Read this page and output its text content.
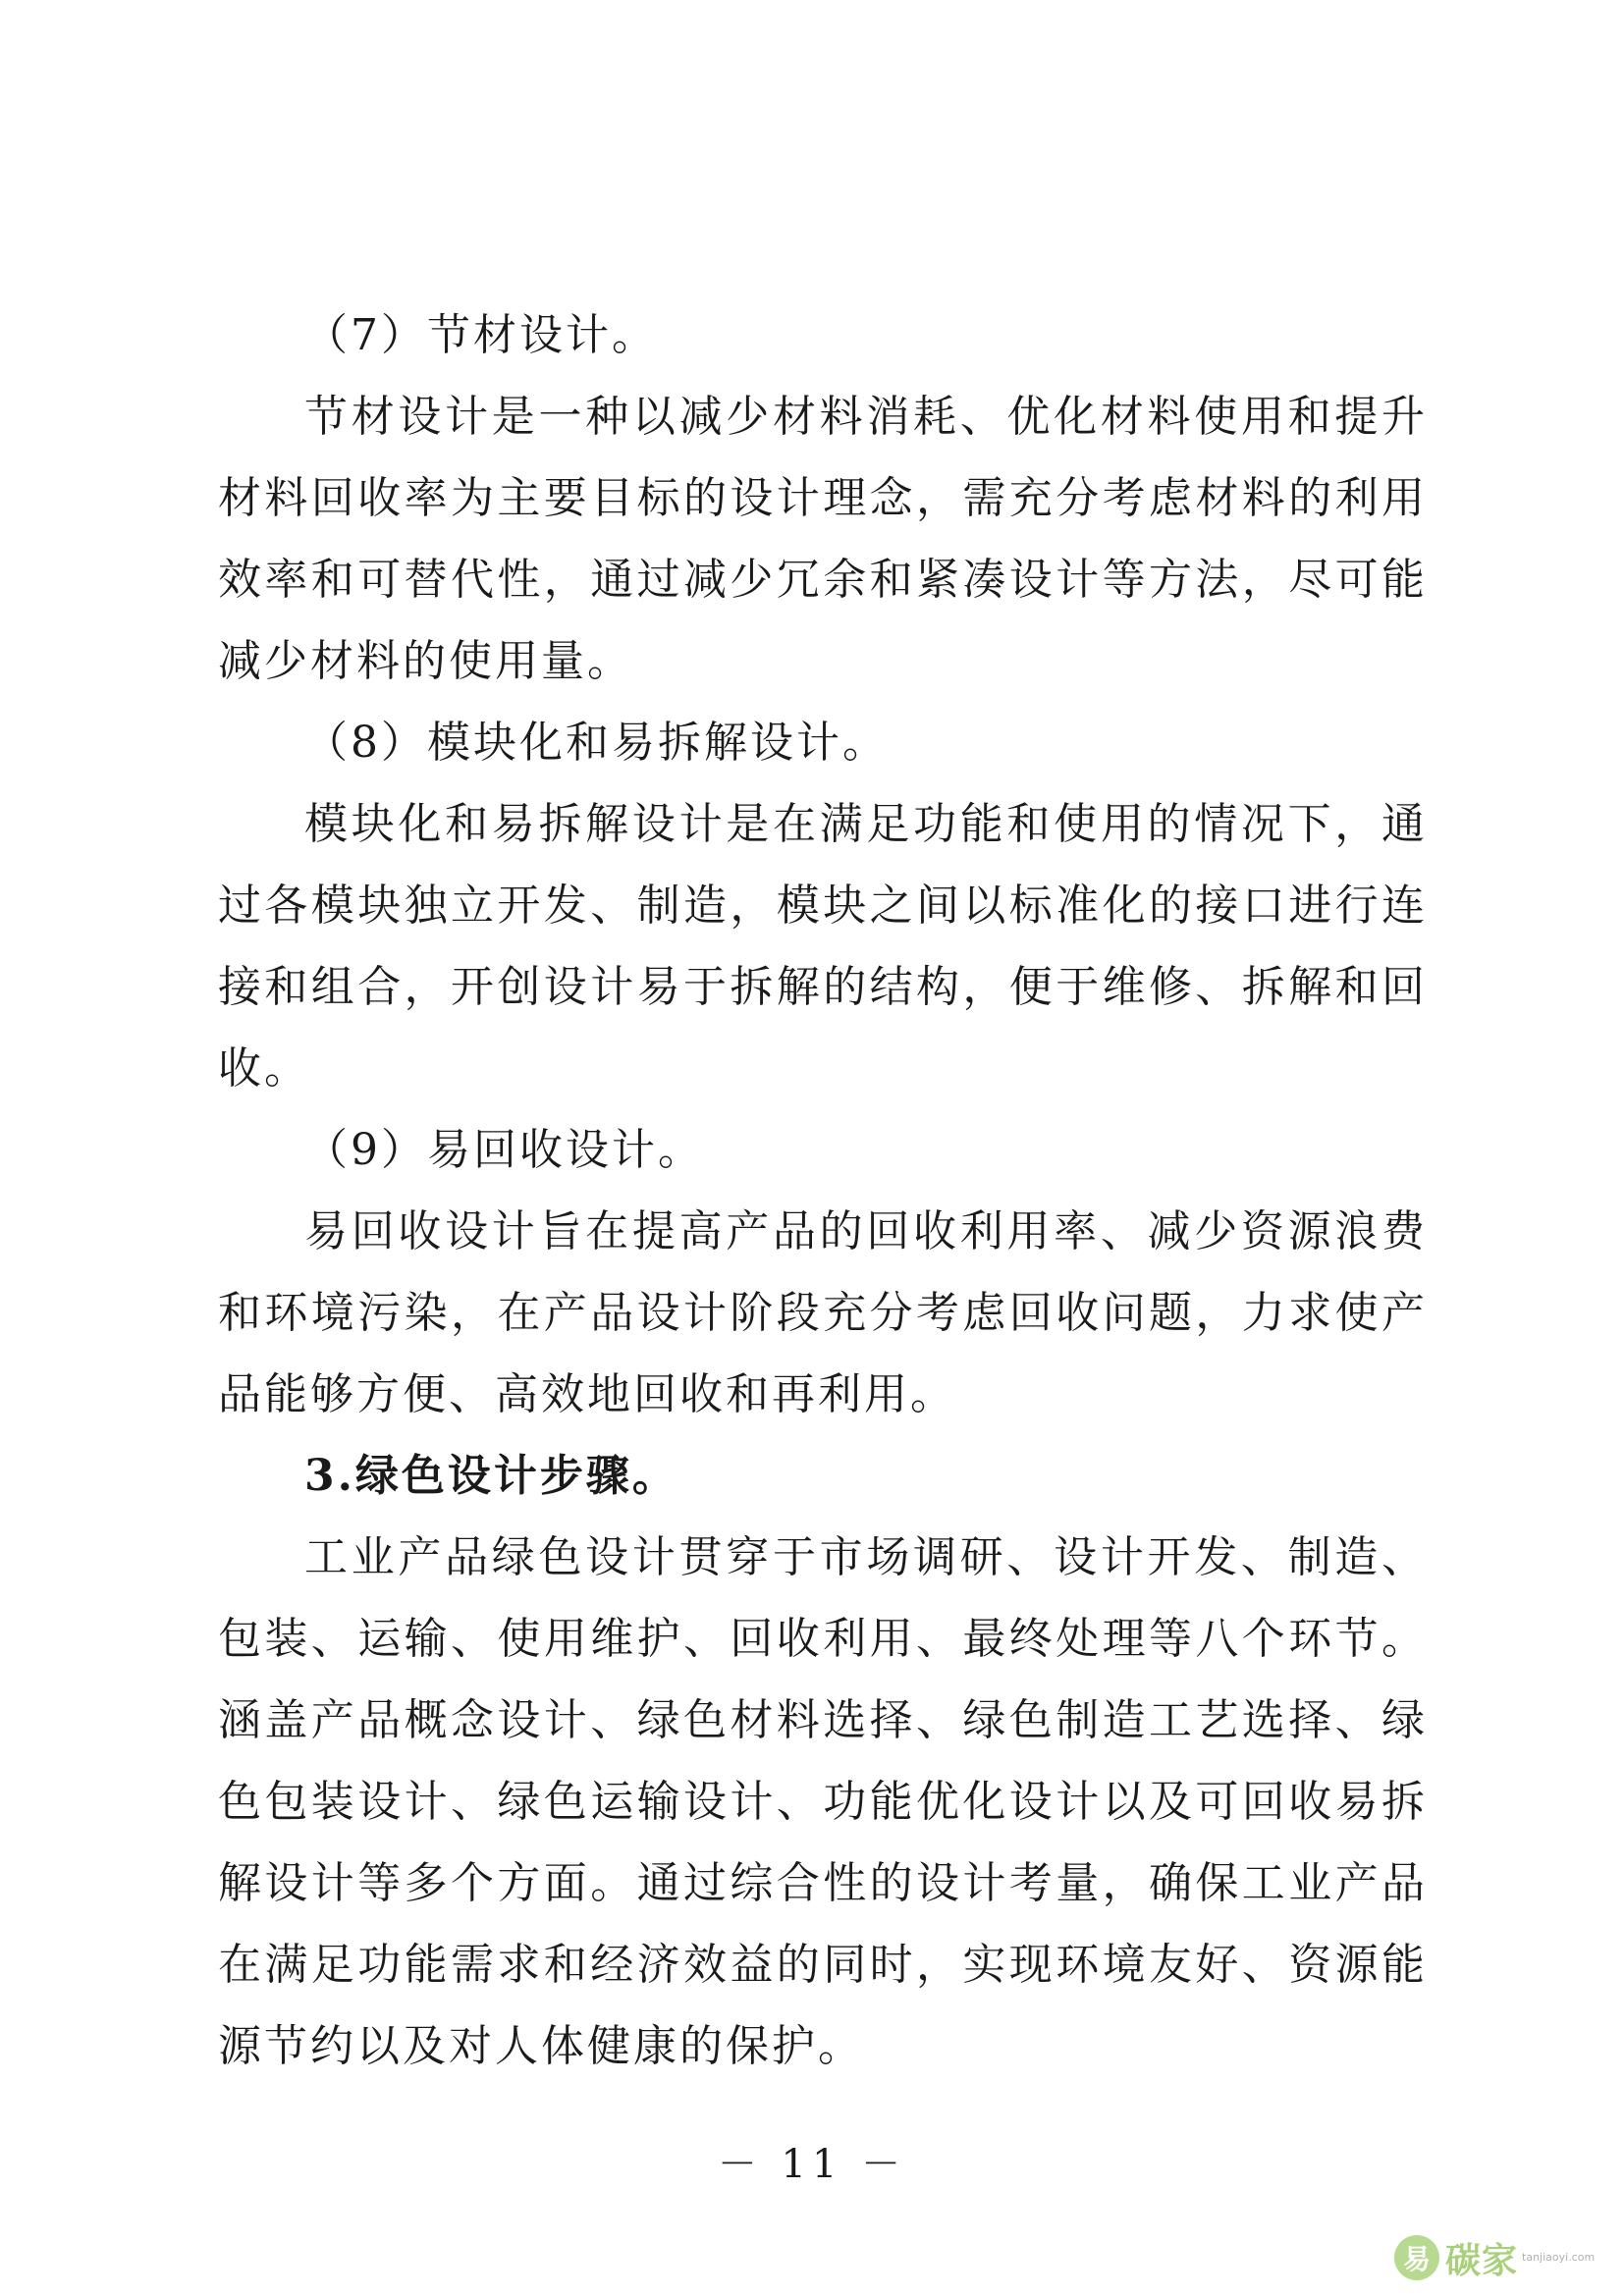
（7）节材设计。

节材设计是一种以减少材料消耗、优化材料使用和提升材料回收率为主要目标的设计理念，需充分考虑材料的利用效率和可替代性，通过减少冗余和紧凑设计等方法，尽可能减少材料的使用量。

（8）模块化和易拆解设计。

模块化和易拆解设计是在满足功能和使用的情况下，通过各模块独立开发、制造，模块之间以标准化的接口进行连接和组合，开创设计易于拆解的结构，便于维修、拆解和回收。

（9）易回收设计。

易回收设计旨在提高产品的回收利用率、减少资源浪费和环境污染，在产品设计阶段充分考虑回收问题，力求使产品能够方便、高效地回收和再利用。

3.绿色设计步骤。

工业产品绿色设计贯穿于市场调研、设计开发、制造、包装、运输、使用维护、回收利用、最终处理等八个环节。涵盖产品概念设计、绿色材料选择、绿色制造工艺选择、绿色包装设计、绿色运输设计、功能优化设计以及可回收易拆解设计等多个方面。通过综合性的设计考量，确保工业产品在满足功能需求和经济效益的同时，实现环境友好、资源能源节约以及对人体健康的保护。

－ 11 －
易 碳家 tanjiaoyi.com
